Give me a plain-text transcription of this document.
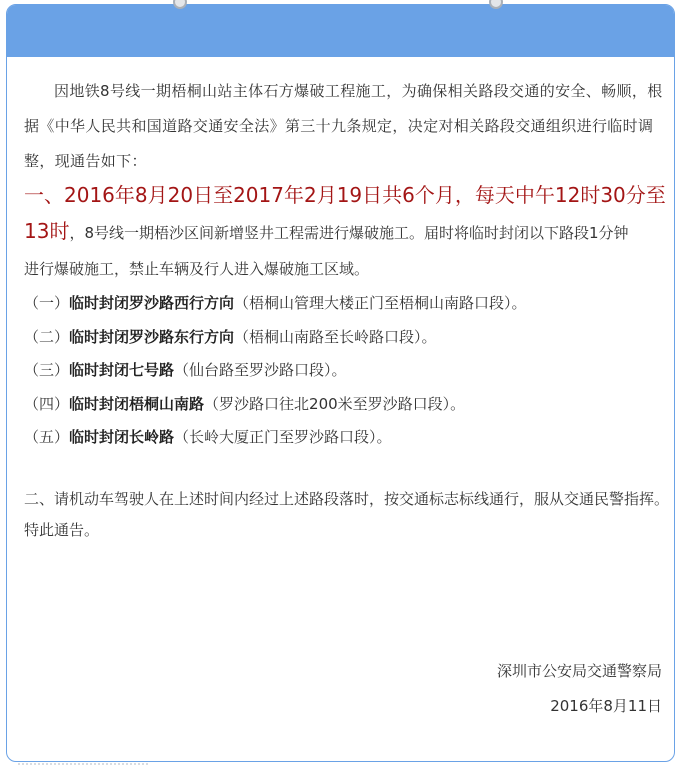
因地铁8号线一期梧桐山站主体石方爆破工程施工，为确保相关路段交通的安全、畅顺，根据《中华人民共和国道路交通安全法》第三十九条规定，决定对相关路段交通组织进行临时调整，现通告如下：

一、2016年8月20日至2017年2月19日共6个月，每天中午12时30分至
13时，8号线一期梧沙区间新增竖井工程需进行爆破施工。届时将临时封闭以下路段1分钟
进行爆破施工，禁止车辆及行人进入爆破施工区域。
（一）临时封闭罗沙路西行方向（梧桐山管理大楼正门至梧桐山南路口段）。
（二）临时封闭罗沙路东行方向（梧桐山南路至长岭路口段）。
（三）临时封闭七号路（仙台路至罗沙路口段）。
（四）临时封闭梧桐山南路（罗沙路口往北200米至罗沙路口段）。
（五）临时封闭长岭路（长岭大厦正门至罗沙路口段）。

二、请机动车驾驶人在上述时间内经过上述路段落时，按交通标志标线通行，服从交通民警指挥。

特此通告。

深圳市公安局交通警察局
2016年8月11日
